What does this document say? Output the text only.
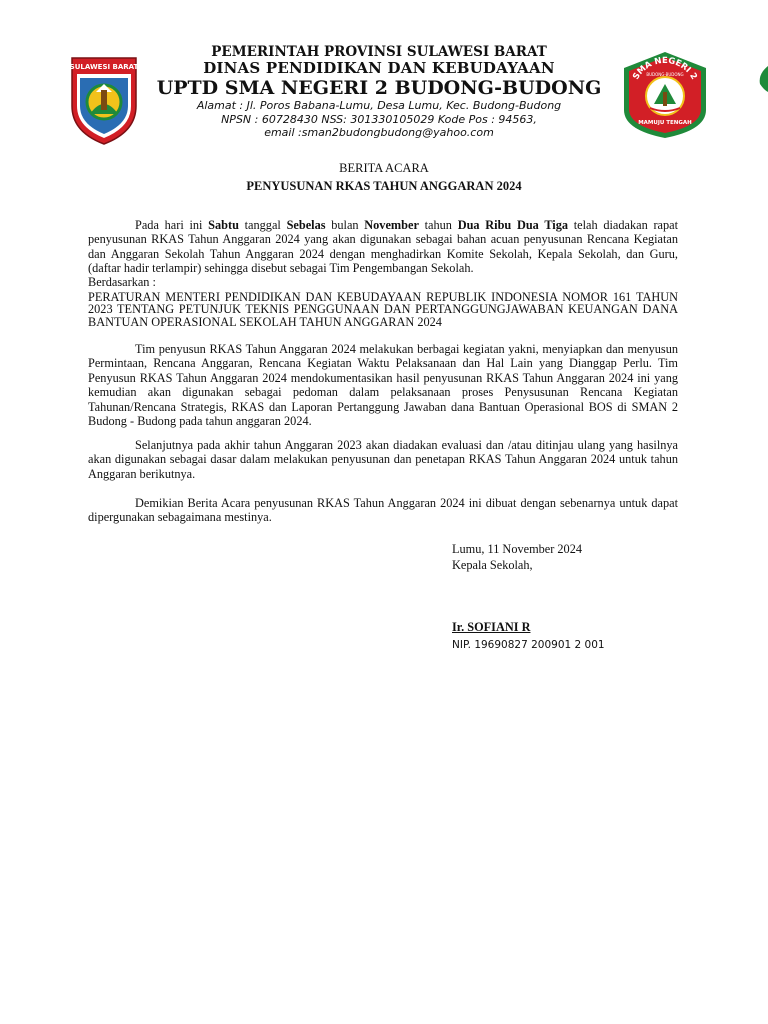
SULAWESI BARAT
PEMERINTAH PROVINSI SULAWESI BARAT
DINAS PENDIDIKAN DAN KEBUDAYAAN
UPTD SMA NEGERI 2 BUDONG-BUDONG
Alamat : Jl. Poros Babana-Lumu, Desa Lumu, Kec. Budong-Budong
NPSN : 60728430 NSS: 301330105029 Kode Pos : 94563,
email :sman2budongbudong@yahoo.com
SMA NEGERI 2
BUDONG-BUDONG
MAMUJU TENGAH
BERITA ACARA
PENYUSUNAN RKAS TAHUN ANGGARAN 2024

Pada hari ini Sabtu tanggal Sebelas bulan November tahun Dua Ribu Dua Tiga telah diadakan rapat penyusunan RKAS Tahun Anggaran 2024 yang akan digunakan sebagai bahan acuan penyusunan Rencana Kegiatan dan Anggaran Sekolah Tahun Anggaran 2024 dengan menghadirkan Komite Sekolah, Kepala Sekolah, dan Guru, (daftar hadir terlampir) sehingga disebut sebagai Tim Pengembangan Sekolah.

Berdasarkan :
PERATURAN MENTERI PENDIDIKAN DAN KEBUDAYAAN REPUBLIK INDONESIA NOMOR 161 TAHUN 2023 TENTANG PETUNJUK TEKNIS PENGGUNAAN DAN PERTANGGUNGJAWABAN KEUANGAN DANA BANTUAN OPERASIONAL SEKOLAH TAHUN ANGGARAN 2024

Tim penyusun RKAS Tahun Anggaran 2024 melakukan berbagai kegiatan yakni, menyiapkan dan menyusun Permintaan, Rencana Anggaran, Rencana Kegiatan Waktu Pelaksanaan dan Hal Lain yang Dianggap Perlu. Tim Penyusun RKAS Tahun Anggaran 2024 mendokumentasikan hasil penyusunan RKAS Tahun Anggaran 2024 ini yang kemudian akan digunakan sebagai pedoman dalam pelaksanaan proses Penysusunan Rencana Kegiatan Tahunan/Rencana Strategis, RKAS dan Laporan Pertanggung Jawaban dana Bantuan Operasional BOS di SMAN 2 Budong - Budong pada tahun anggaran 2024.

Selanjutnya pada akhir tahun Anggaran 2023 akan diadakan evaluasi dan /atau ditinjau ulang yang hasilnya akan digunakan sebagai dasar dalam melakukan penyusunan dan penetapan RKAS Tahun Anggaran 2024 untuk tahun Anggaran berikutnya.

Demikian Berita Acara penyusunan RKAS Tahun Anggaran 2024 ini dibuat dengan sebenarnya untuk dapat dipergunakan sebagaimana mestinya.

Lumu, 11 November 2024
Kepala Sekolah,
Ir. SOFIANI R
NIP. 19690827 200901 2 001
